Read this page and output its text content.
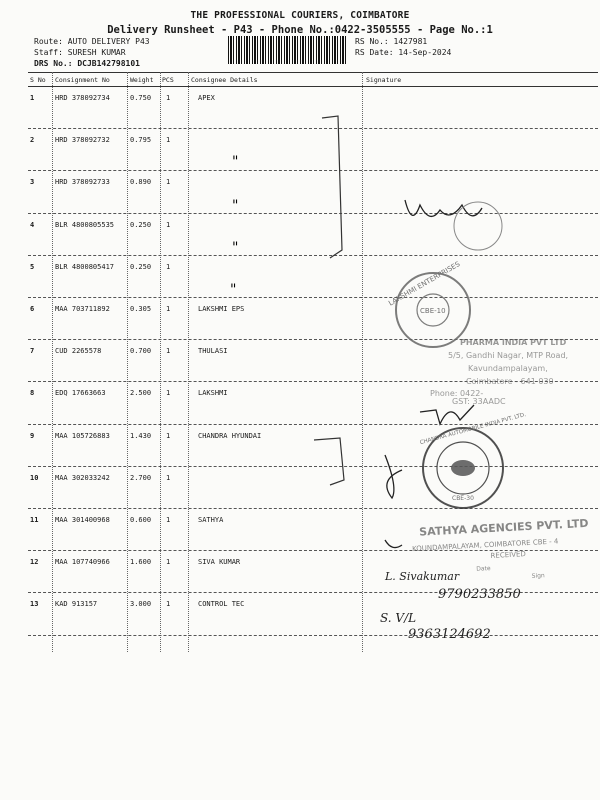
THE PROFESSIONAL COURIERS, COIMBATORE
Delivery Runsheet - P43 - Phone No.:0422-3505555 - Page No.:1
Route: AUTO DELIVERY P43
Staff: SURESH KUMAR
DRS No.: DCJB142798101
RS No.: 1427981
RS Date: 14-Sep-2024
S No Consignment No	Weight PCS	Consignee Details	Signature
1	HRD 378092734	0.750 1	APEX
2	HRD 378092732	0.795 1
3	HRD 378092733	0.890 1
4	BLR 4800805535 0.250 1
5	BLR 4800805417 0.250 1
6	MAA 703711892	0.305 1	LAKSHMI EPS
7	CUD 2265578	0.700 1	THULASI
8	EDQ 17663663	2.500 1	LAKSHMI
9	MAA 105726883	1.430 1	CHANDRA HYUNDAI
10 MAA 302033242	2.700 1
11 MAA 301400968	0.600 1	SATHYA
12 MAA 107740966	1.600 1	SIVA KUMAR
13 KAD 913157	3.000 1	CONTROL TEC
"
"
"
"
L. Sivakumar
9790233850
S. V/L
9363124692
LAKSHMI ENTERPRISES
CBE-10
PHARMA INDIA PVT LTD
5/5, Gandhi Nagar, MTP Road,
Kavundampalayam,
Coimbatore - 641 030
Phone: 0422-
GST: 33AADC
CHANDRA AUTOMOBILE INDIA PVT. LTD.
CBE-30
SATHYA AGENCIES PVT. LTD
KOUNDAMPALAYAM, COIMBATORE CBE - 4
RECEIVED
Date
Sign
